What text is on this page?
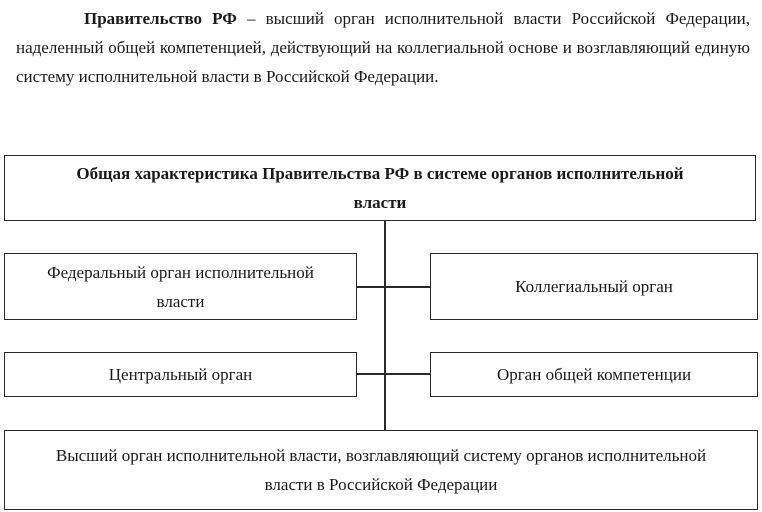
Правительство РФ – высший орган исполнительной власти Российской Федерации, наделенный общей компетенцией, действующий на коллегиальной основе и возглавляющий единую систему исполнительной власти в Российской Федерации.

Общая характеристика Правительства РФ в системе органов исполнительной власти
Федеральный орган исполнительной власти
Коллегиальный орган
Центральный орган	Орган общей компетенции
Высший орган исполнительной власти, возглавляющий систему органов исполнительной власти в Российской Федерации
